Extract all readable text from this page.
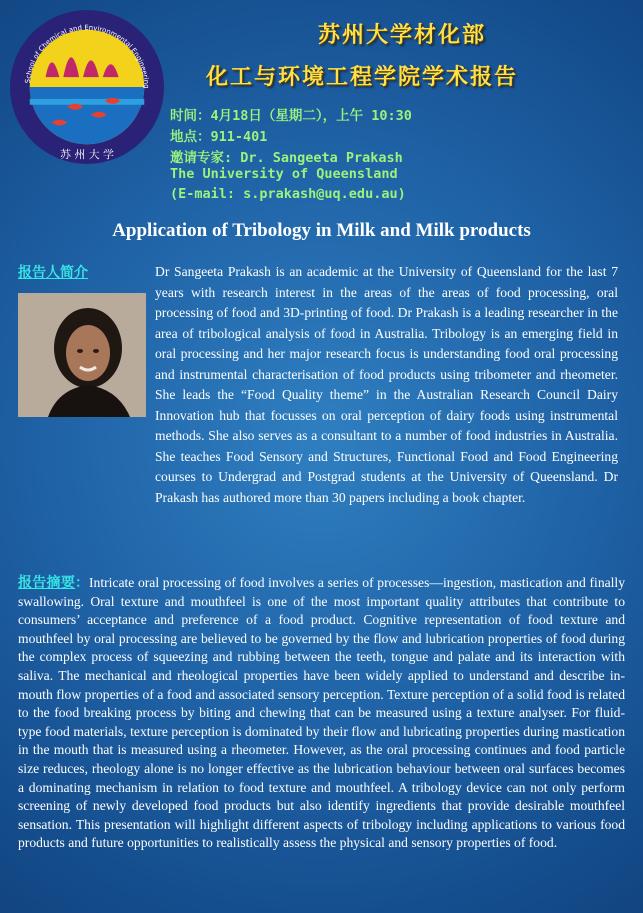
School of Chemical and Environmental Engineering
苏 州 大 学
苏州大学材化部
化工与环境工程学院学术报告
时间：4月18日（星期二），上午 10:30
地点：911-401
邀请专家: Dr. Sangeeta Prakash
The University of Queensland
(E-mail: s.prakash@uq.edu.au)
Application of Tribology in Milk and Milk products
报告人简介	Dr Sangeeta Prakash is an academic at the University of Queensland for the last 7 years with research interest in the areas of the areas of food processing, oral processing of food and 3D-printing of food. Dr Prakash is a leading researcher in the area of tribological analysis of food in Australia. Tribology is an emerging field in oral processing and her major research focus is understanding food oral processing and instrumental characterisation of food products using tribometer and rheometer. She leads the “Food Quality theme” in the Australian Research Council Dairy Innovation hub that focusses on oral perception of dairy foods using instrumental methods. She also serves as a consultant to a number of food industries in Australia. She teaches Food Sensory and Structures, Functional Food and Food Engineering courses to Undergrad and Postgrad students at the University of Queensland. Dr Prakash has authored more than 30 papers including a book chapter.
报告摘要：Intricate oral processing of food involves a series of processes—ingestion, mastication and finally swallowing. Oral texture and mouthfeel is one of the most important quality attributes that contribute to consumers’ acceptance and preference of a food product. Cognitive representation of food texture and mouthfeel by oral processing are believed to be governed by the flow and lubrication properties of food during the complex process of squeezing and rubbing between the teeth, tongue and palate and its interaction with saliva. The mechanical and rheological properties have been widely applied to understand and describe in-mouth flow properties of a food and associated sensory perception. Texture perception of a solid food is related to the food breaking process by biting and chewing that can be measured using a texture analyser. For fluid-type food materials, texture perception is dominated by their flow and lubricating properties during mastication in the mouth that is measured using a rheometer. However, as the oral processing continues and food particle size reduces, rheology alone is no longer effective as the lubrication behaviour between oral surfaces becomes a dominating mechanism in relation to food texture and mouthfeel. A tribology device can not only perform screening of newly developed food products but also identify ingredients that provide desirable mouthfeel sensation. This presentation will highlight different aspects of tribology including applications to various food products and future opportunities to realistically assess the physical and sensory properties of food.
